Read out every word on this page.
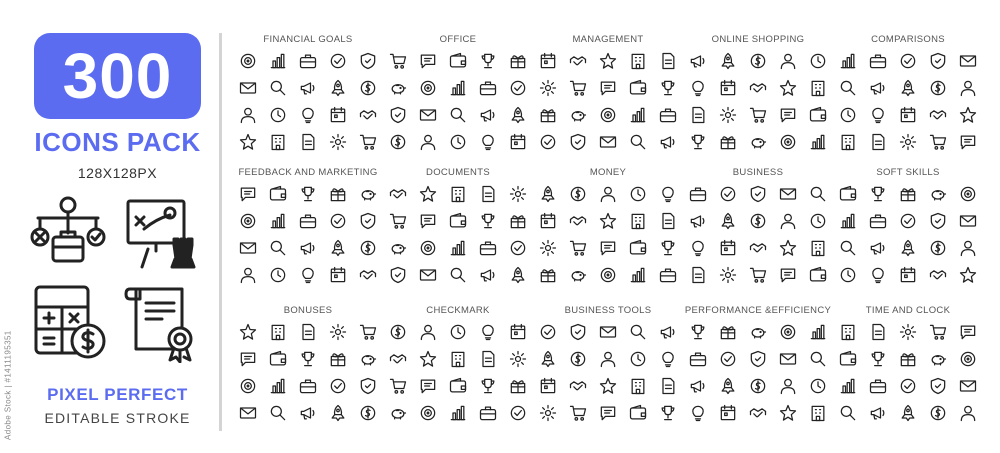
300
ICONS PACK
128X128PX
PIXEL PERFECT
EDITABLE STROKE
Adobe Stock | #1411195351
FINANCIAL GOALS	OFFICE	MANAGEMENT	ONLINE SHOPPING	COMPARISONS
FEEDBACK AND MARKETING	DOCUMENTS	MONEY	BUSINESS	SOFT SKILLS
BONUSES	CHECKMARK	BUSINESS TOOLS	PERFORMANCE &EFFICIENCY	TIME AND CLOCK
